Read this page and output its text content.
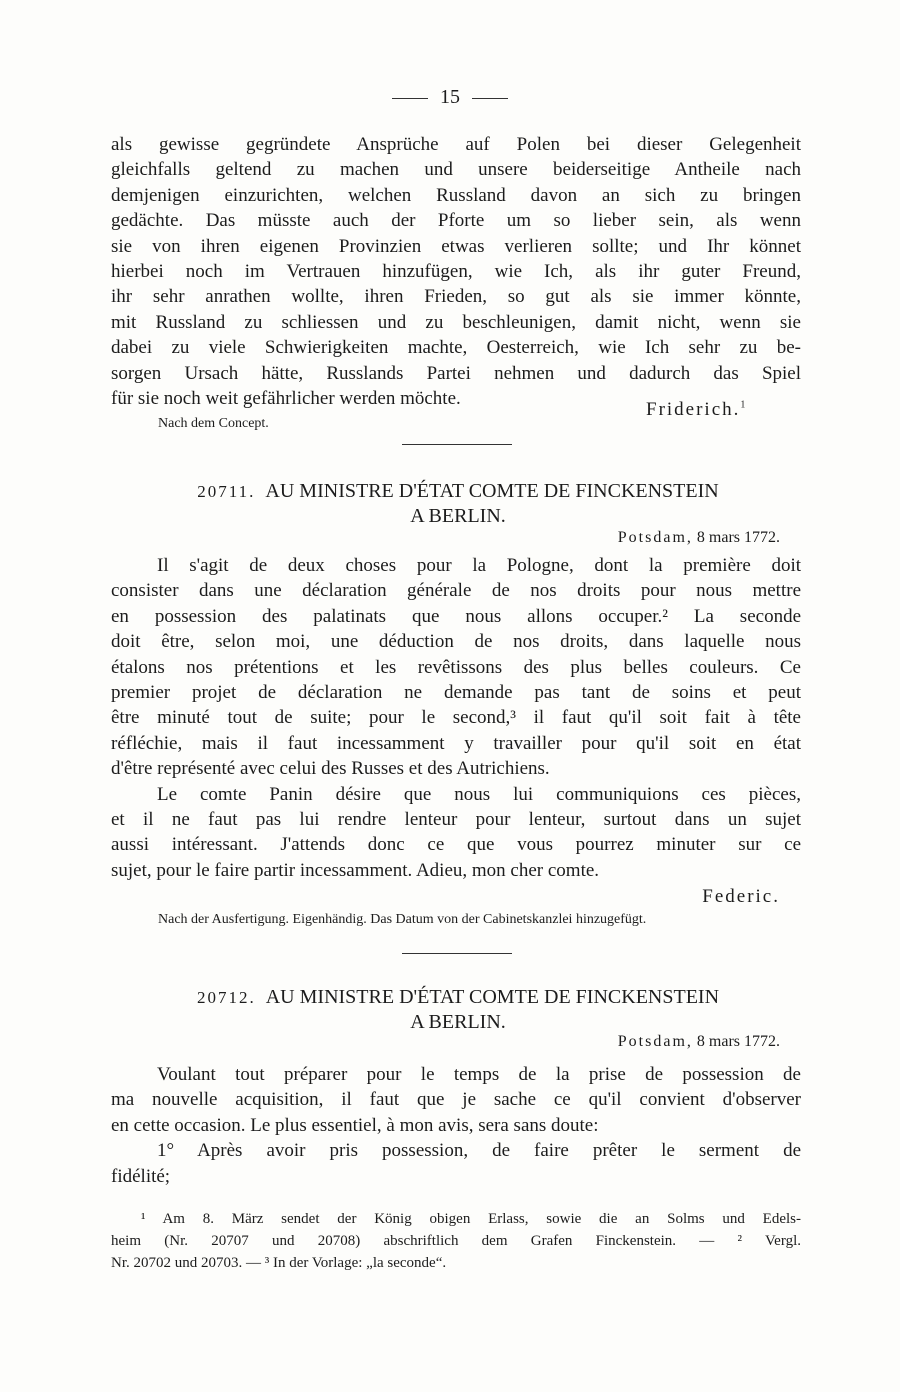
15
als gewisse gegründete Ansprüche auf Polen bei dieser Gelegenheit
gleichfalls geltend zu machen und unsere beiderseitige Antheile nach
demjenigen einzurichten, welchen Russland davon an sich zu bringen
gedächte. Das müsste auch der Pforte um so lieber sein, als wenn
sie von ihren eigenen Provinzien etwas verlieren sollte; und Ihr könnet
hierbei noch im Vertrauen hinzufügen, wie Ich, als ihr guter Freund,
ihr sehr anrathen wollte, ihren Frieden, so gut als sie immer könnte,
mit Russland zu schliessen und zu beschleunigen, damit nicht, wenn sie
dabei zu viele Schwierigkeiten machte, Oesterreich, wie Ich sehr zu be-
sorgen Ursach hätte, Russlands Partei nehmen und dadurch das Spiel
für sie noch weit gefährlicher werden möchte.
Friderich.$^1$
Nach dem Concept.
20711. AU MINISTRE D'ÉTAT COMTE DE FINCKENSTEIN
A BERLIN.
Potsdam, 8 mars 1772.
Il s'agit de deux choses pour la Pologne, dont la première doit
consister dans une déclaration générale de nos droits pour nous mettre
en possession des palatinats que nous allons occuper.² La seconde
doit être, selon moi, une déduction de nos droits, dans laquelle nous
étalons nos prétentions et les revêtissons des plus belles couleurs. Ce
premier projet de déclaration ne demande pas tant de soins et peut
être minuté tout de suite; pour le second,³ il faut qu'il soit fait à tête
réfléchie, mais il faut incessamment y travailler pour qu'il soit en état
d'être représenté avec celui des Russes et des Autrichiens.
Le comte Panin désire que nous lui communiquions ces pièces,
et il ne faut pas lui rendre lenteur pour lenteur, surtout dans un sujet
aussi intéressant. J'attends donc ce que vous pourrez minuter sur ce
sujet, pour le faire partir incessamment. Adieu, mon cher comte.
Federic.
Nach der Ausfertigung. Eigenhändig. Das Datum von der Cabinetskanzlei hinzugefügt.
20712. AU MINISTRE D'ÉTAT COMTE DE FINCKENSTEIN
A BERLIN.
Potsdam, 8 mars 1772.
Voulant tout préparer pour le temps de la prise de possession de
ma nouvelle acquisition, il faut que je sache ce qu'il convient d'observer
en cette occasion. Le plus essentiel, à mon avis, sera sans doute:
1° Après avoir pris possession, de faire prêter le serment de
fidélité;
¹ Am 8. März sendet der König obigen Erlass, sowie die an Solms und Edels-
heim (Nr. 20707 und 20708) abschriftlich dem Grafen Finckenstein. — ² Vergl.
Nr. 20702 und 20703. — ³ In der Vorlage: „la seconde“.
